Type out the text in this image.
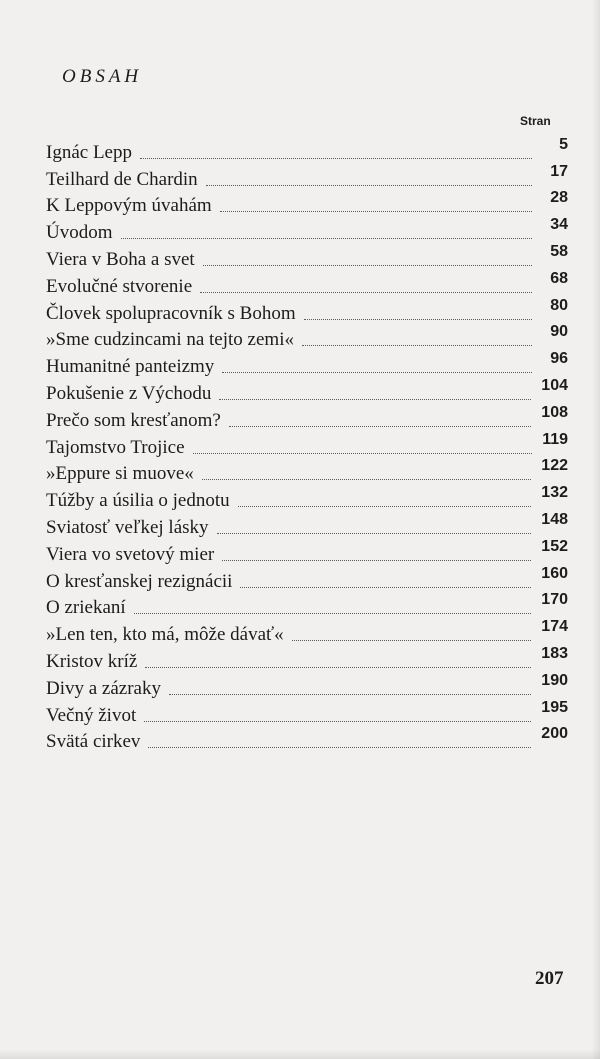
OBSAH
Stran
Ignác Lepp	5
Teilhard de Chardin	17
K Leppovým úvahám	28
Úvodom	34
Viera v Boha a svet	58
Evolučné stvorenie	68
Človek spolupracovník s Bohom	80
»Sme cudzincami na tejto zemi«	90
Humanitné panteizmy	96
Pokušenie z Východu	104
Prečo som kresťanom?	108
Tajomstvo Trojice	119
»Eppure si muove«	122
Túžby a úsilia o jednotu	132
Sviatosť veľkej lásky	148
Viera vo svetový mier	152
O kresťanskej rezignácii	160
O zriekaní	170
»Len ten, kto má, môže dávať«	174
Kristov kríž	183
Divy a zázraky	190
Večný život	195
Svätá cirkev	200
207
